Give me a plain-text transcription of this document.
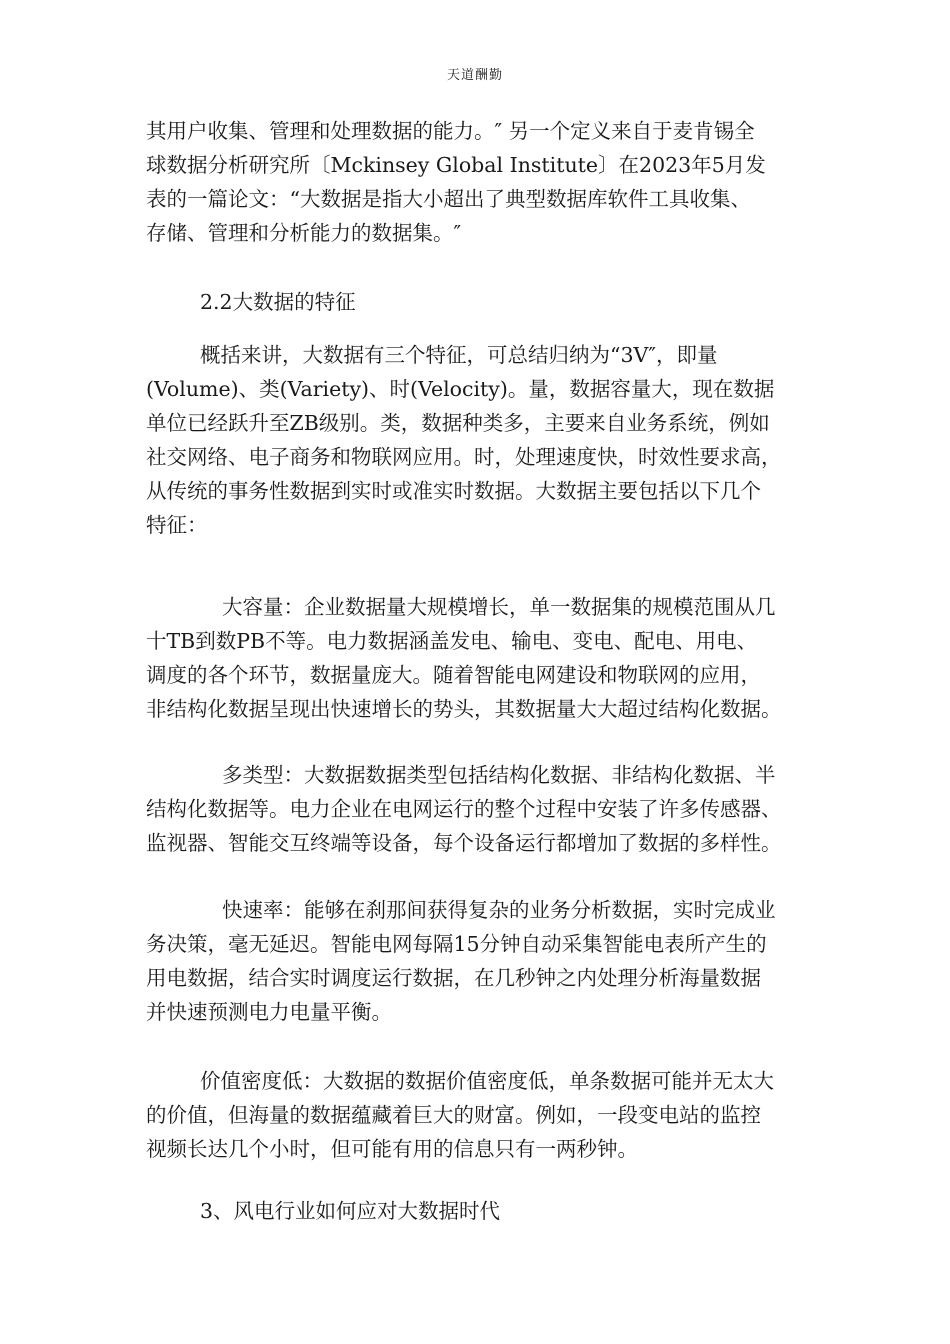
天道酬勤
其用户收集、管理和处理数据的能力。″ 另一个定义来自于麦肯锡全
球数据分析研究所〔Mckinsey Global Institute〕在2023年5月发
表的一篇论文：“大数据是指大小超出了典型数据库软件工具收集、
存储、管理和分析能力的数据集。″
2.2大数据的特征
概括来讲，大数据有三个特征，可总结归纳为“3V″，即量
(Volume)、类(Variety)、时(Velocity)。量，数据容量大，现在数据
单位已经跃升至ZB级别。类，数据种类多，主要来自业务系统，例如
社交网络、电子商务和物联网应用。时，处理速度快，时效性要求高，
从传统的事务性数据到实时或准实时数据。大数据主要包括以下几个
特征：
大容量：企业数据量大规模增长，单一数据集的规模范围从几
十TB到数PB不等。电力数据涵盖发电、输电、变电、配电、用电、
调度的各个环节，数据量庞大。随着智能电网建设和物联网的应用，
非结构化数据呈现出快速增长的势头，其数据量大大超过结构化数据。
多类型：大数据数据类型包括结构化数据、非结构化数据、半
结构化数据等。电力企业在电网运行的整个过程中安装了许多传感器、
监视器、智能交互终端等设备，每个设备运行都增加了数据的多样性。
快速率：能够在刹那间获得复杂的业务分析数据，实时完成业
务决策，毫无延迟。智能电网每隔15分钟自动采集智能电表所产生的
用电数据，结合实时调度运行数据，在几秒钟之内处理分析海量数据
并快速预测电力电量平衡。
价值密度低：大数据的数据价值密度低，单条数据可能并无太大
的价值，但海量的数据蕴藏着巨大的财富。例如，一段变电站的监控
视频长达几个小时，但可能有用的信息只有一两秒钟。
3、风电行业如何应对大数据时代
